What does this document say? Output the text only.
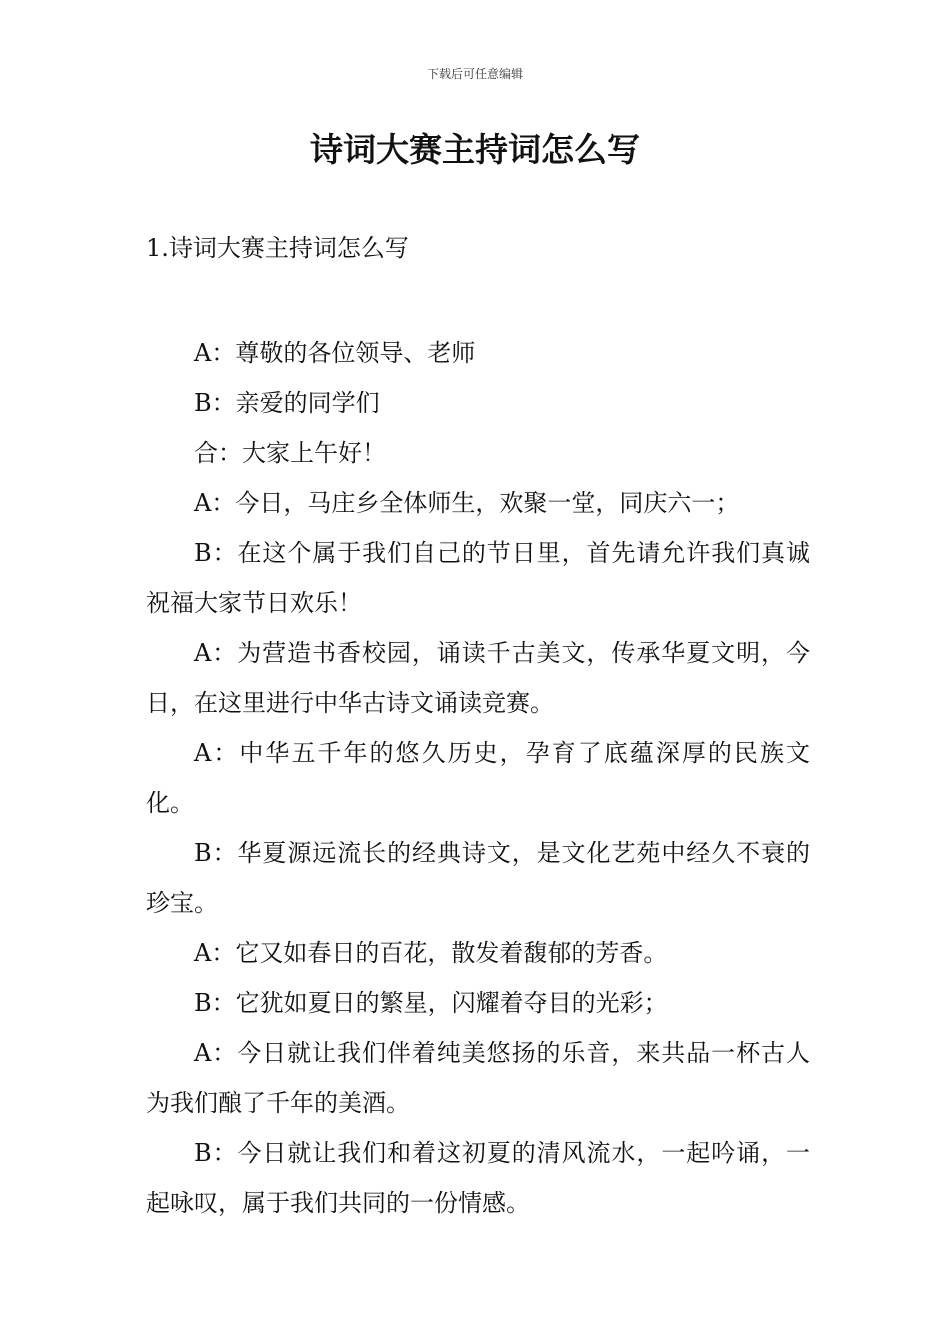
下载后可任意编辑
诗词大赛主持词怎么写
1.诗词大赛主持词怎么写

A：尊敬的各位领导、老师

B：亲爱的同学们

合：大家上午好！

A：今日，马庄乡全体师生，欢聚一堂，同庆六一；

B：在这个属于我们自己的节日里，首先请允许我们真诚祝福大家节日欢乐！

A：为营造书香校园，诵读千古美文，传承华夏文明，今日，在这里进行中华古诗文诵读竞赛。

A：中华五千年的悠久历史，孕育了底蕴深厚的民族文化。

B：华夏源远流长的经典诗文，是文化艺苑中经久不衰的珍宝。

A：它又如春日的百花，散发着馥郁的芳香。

B：它犹如夏日的繁星，闪耀着夺目的光彩；

A：今日就让我们伴着纯美悠扬的乐音，来共品一杯古人为我们酿了千年的美酒。

B：今日就让我们和着这初夏的清风流水，一起吟诵，一起咏叹，属于我们共同的一份情感。
